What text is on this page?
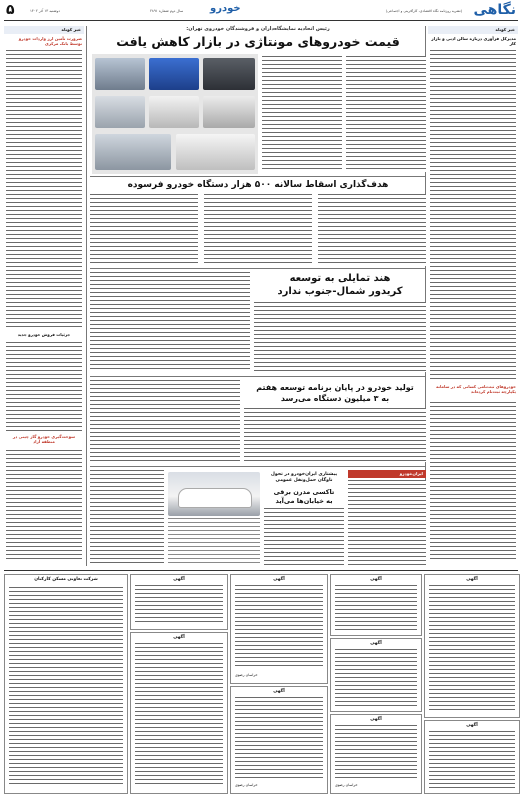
نگاهی
(نشریه روزنامه نگاه اقتصادی، کارآفرینی و اجتماعی)
خودرو
سال دوم شماره ۲۸۹۱
دوشنبه ۱۳ آذر ۱۴۰۲
۵
خبر کوتاه
مدیرکل فرآوری درباره سالن ادبی و بازار کار
خودروهای ثبت‌نامی کسانی که در سامانه یکپارچه ثبت‌نام کرده‌اند
خبر کوتاه
ضرورت تأمین ارز واردات خودرو توسط بانک مرکزی
جزئیات فروش خودرو جدید
سوخت‌گیری خودرو گاز چینی در منطقه آزاد
رئیس اتحادیه نمایشگاه‌داران و فروشندگان خودروی تهران:
قیمت خودروهای مونتاژی در بازار کاهش یافت
هدف‌گذاری اسقاط سالانه ۵۰۰ هزار دستگاه خودرو فرسوده
هند تمایلی به توسعه
کریدور شمال-جنوب ندارد
تولید خودرو در پایان برنامه توسعه هفتم
به ۳ میلیون دستگاه می‌رسد
پیشتازی ایران‌خودرو در تحول ناوگان حمل‌ونقل عمومی
تاکسی مدرن برقی
به خیابان‌ها می‌آید
ایران‌خودرو
شرکت تعاونی مسکن کارکنان	آگهی
آگهی
آگهی
خراسان رضوی
آگهی
خراسان رضوی
آگهی
آگهی
آگهی
خراسان رضوی
آگهی
آگهی
